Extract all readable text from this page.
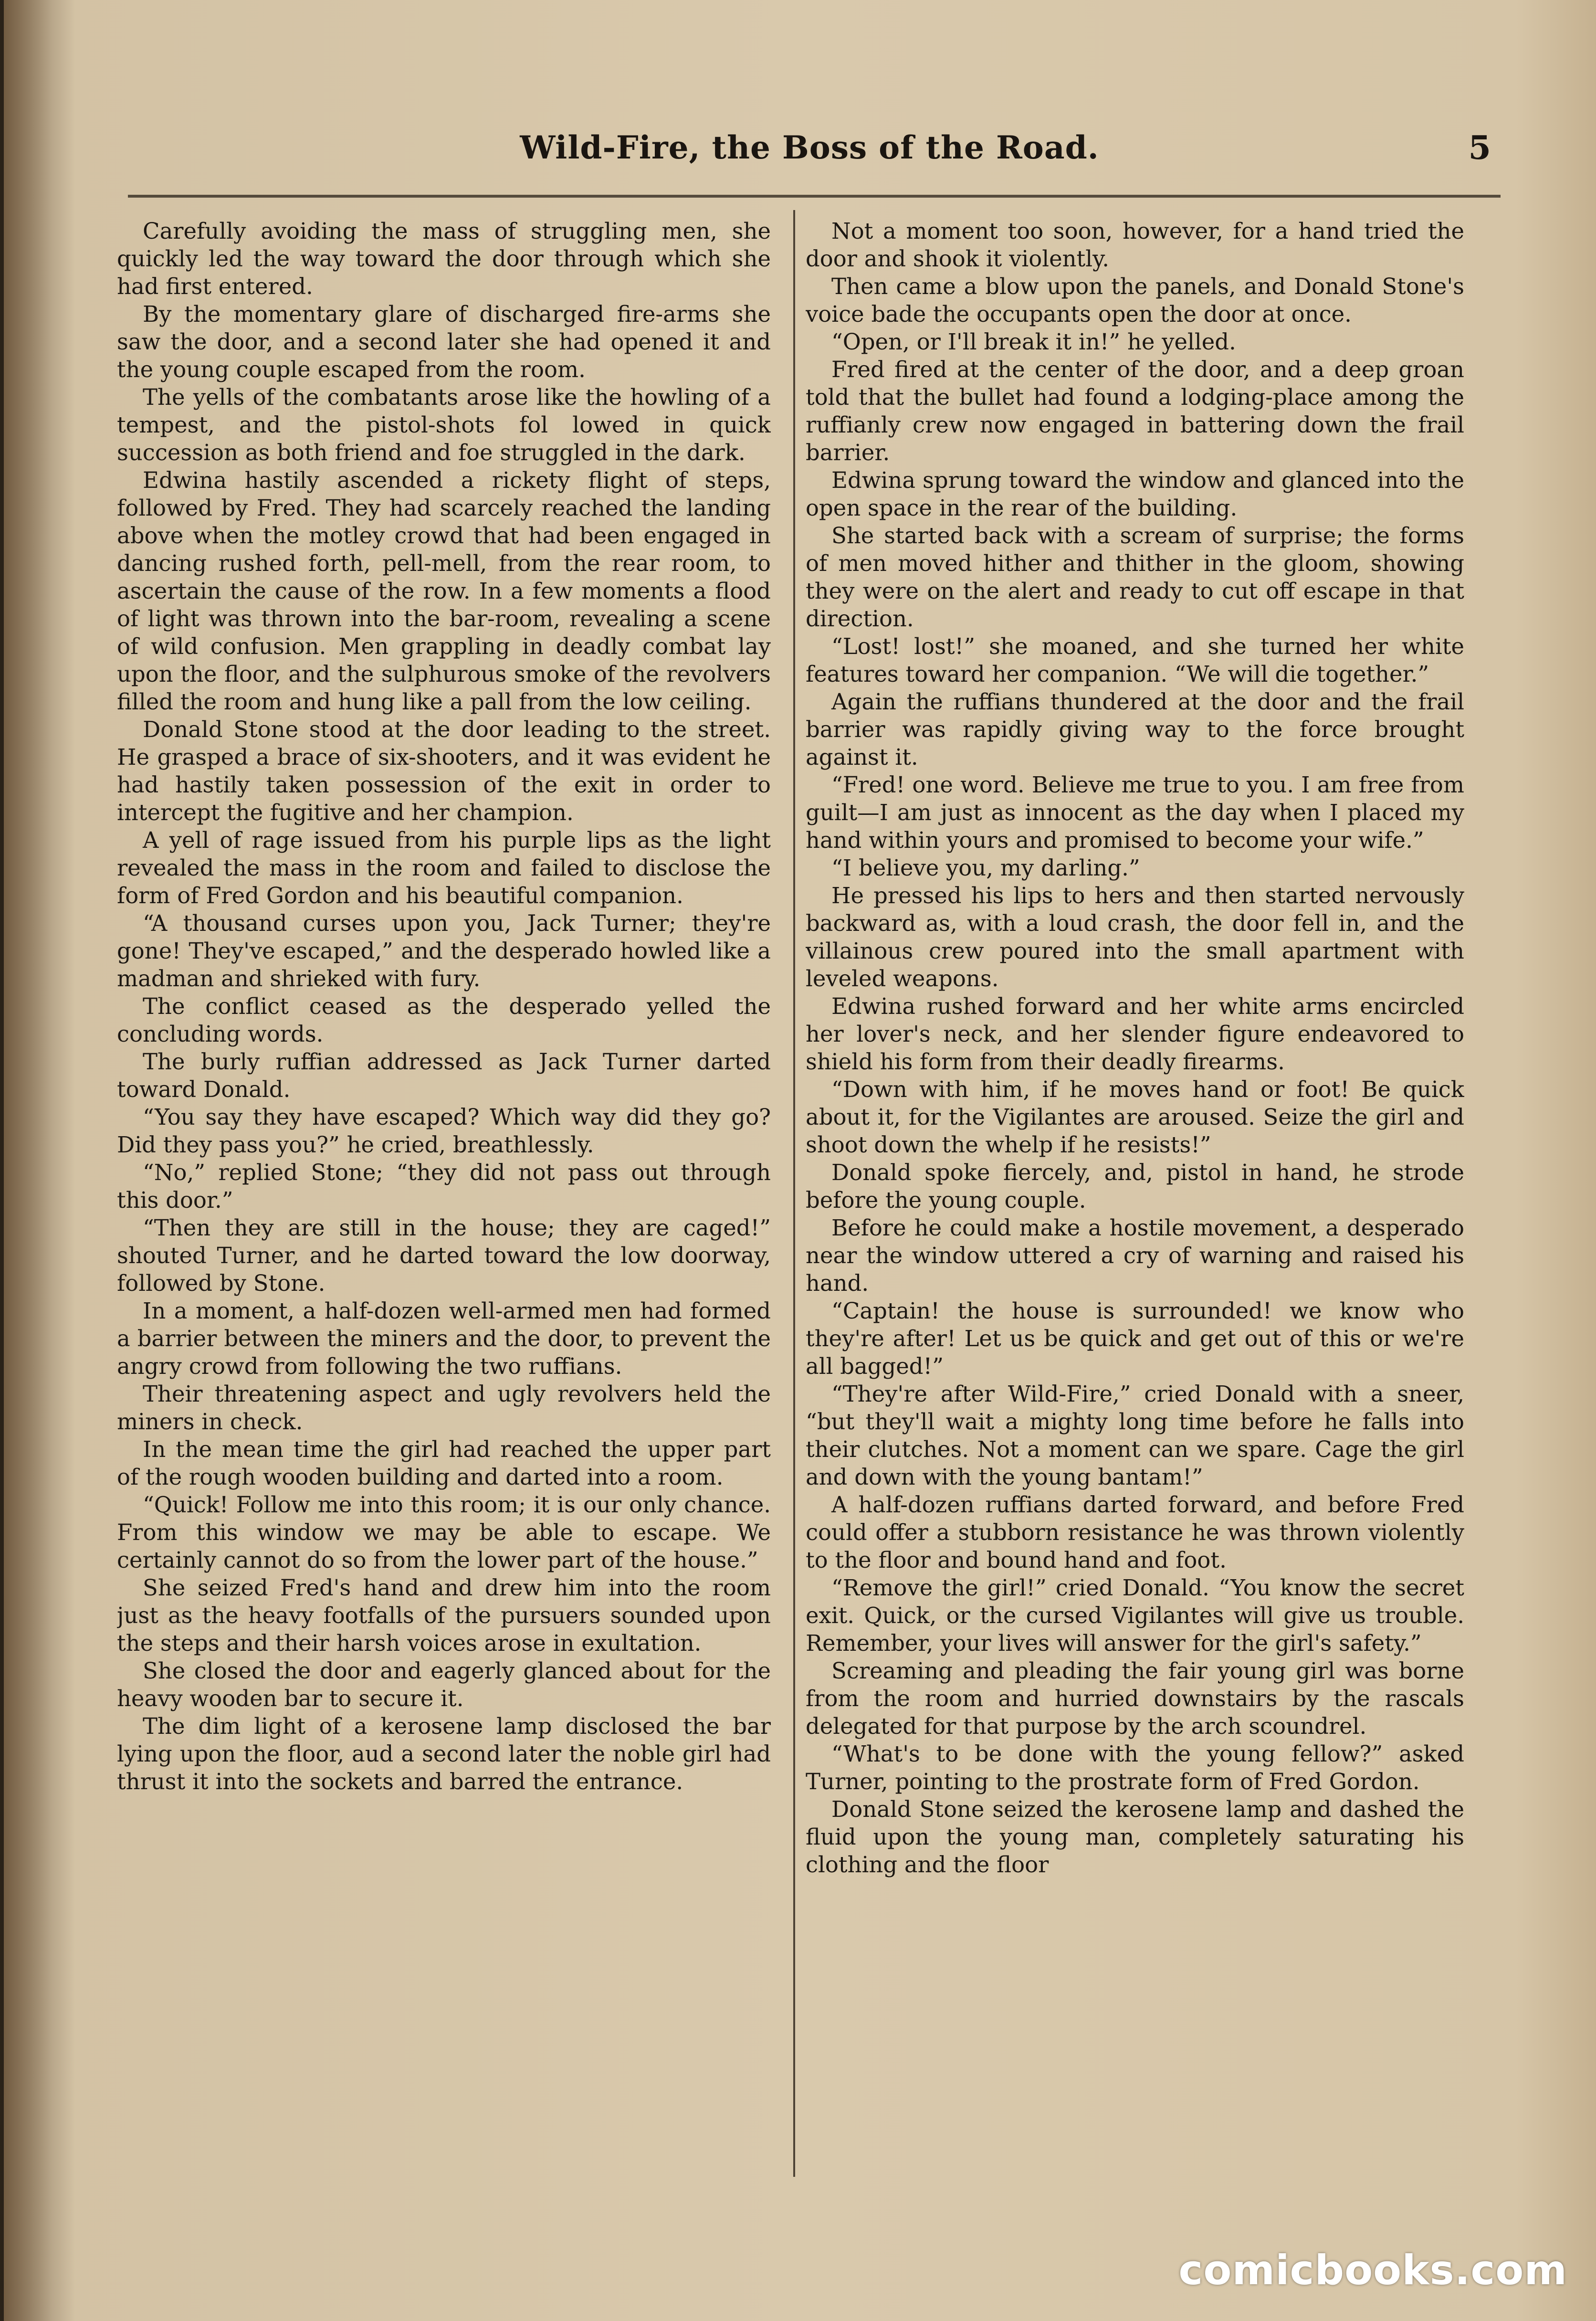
Wild-Fire, the Boss of the Road.	5

Carefully avoiding the mass of struggling men, she quickly led the way toward the door through which she had first entered.

By the momentary glare of discharged fire-arms she saw the door, and a second later she had opened it and the young couple escaped from the room.

The yells of the combatants arose like the howling of a tempest, and the pistol-shots fol lowed in quick succession as both friend and foe struggled in the dark.

Edwina hastily ascended a rickety flight of steps, followed by Fred. They had scarcely reached the landing above when the motley crowd that had been engaged in dancing rushed forth, pell-mell, from the rear room, to ascertain the cause of the row. In a few moments a flood of light was thrown into the bar-room, revealing a scene of wild confusion. Men grappling in deadly combat lay upon the floor, and the sulphurous smoke of the revolvers filled the room and hung like a pall from the low ceiling.

Donald Stone stood at the door leading to the street. He grasped a brace of six-shooters, and it was evident he had hastily taken possession of the exit in order to intercept the fugitive and her champion.

A yell of rage issued from his purple lips as the light revealed the mass in the room and failed to disclose the form of Fred Gordon and his beautiful companion.

“A thousand curses upon you, Jack Turner; they're gone! They've escaped,” and the desperado howled like a madman and shrieked with fury.

The conflict ceased as the desperado yelled the concluding words.

The burly ruffian addressed as Jack Turner darted toward Donald.

“You say they have escaped? Which way did they go? Did they pass you?” he cried, breathlessly.

“No,” replied Stone; “they did not pass out through this door.”

“Then they are still in the house; they are caged!” shouted Turner, and he darted toward the low doorway, followed by Stone.

In a moment, a half-dozen well-armed men had formed a barrier between the miners and the door, to prevent the angry crowd from following the two ruffians.

Their threatening aspect and ugly revolvers held the miners in check.

In the mean time the girl had reached the upper part of the rough wooden building and darted into a room.

“Quick! Follow me into this room; it is our only chance. From this window we may be able to escape. We certainly cannot do so from the lower part of the house.”

She seized Fred's hand and drew him into the room just as the heavy footfalls of the pursuers sounded upon the steps and their harsh voices arose in exultation.

She closed the door and eagerly glanced about for the heavy wooden bar to secure it.

The dim light of a kerosene lamp disclosed the bar lying upon the floor, aud a second later the noble girl had thrust it into the sockets and barred the entrance.

Not a moment too soon, however, for a hand tried the door and shook it violently.

Then came a blow upon the panels, and Donald Stone's voice bade the occupants open the door at once.

“Open, or I'll break it in!” he yelled.

Fred fired at the center of the door, and a deep groan told that the bullet had found a lodging-place among the ruffianly crew now engaged in battering down the frail barrier.

Edwina sprung toward the window and glanced into the open space in the rear of the building.

She started back with a scream of surprise; the forms of men moved hither and thither in the gloom, showing they were on the alert and ready to cut off escape in that direction.

“Lost! lost!” she moaned, and she turned her white features toward her companion. “We will die together.”

Again the ruffians thundered at the door and the frail barrier was rapidly giving way to the force brought against it.

“Fred! one word. Believe me true to you. I am free from guilt—I am just as innocent as the day when I placed my hand within yours and promised to become your wife.”

“I believe you, my darling.”

He pressed his lips to hers and then started nervously backward as, with a loud crash, the door fell in, and the villainous crew poured into the small apartment with leveled weapons.

Edwina rushed forward and her white arms encircled her lover's neck, and her slender figure endeavored to shield his form from their deadly firearms.

“Down with him, if he moves hand or foot! Be quick about it, for the Vigilantes are aroused. Seize the girl and shoot down the whelp if he resists!”

Donald spoke fiercely, and, pistol in hand, he strode before the young couple.

Before he could make a hostile movement, a desperado near the window uttered a cry of warning and raised his hand.

“Captain! the house is surrounded! we know who they're after! Let us be quick and get out of this or we're all bagged!”

“They're after Wild-Fire,” cried Donald with a sneer, “but they'll wait a mighty long time before he falls into their clutches. Not a moment can we spare. Cage the girl and down with the young bantam!”

A half-dozen ruffians darted forward, and before Fred could offer a stubborn resistance he was thrown violently to the floor and bound hand and foot.

“Remove the girl!” cried Donald. “You know the secret exit. Quick, or the cursed Vigilantes will give us trouble. Remember, your lives will answer for the girl's safety.”

Screaming and pleading the fair young girl was borne from the room and hurried downstairs by the rascals delegated for that purpose by the arch scoundrel.

“What's to be done with the young fellow?” asked Turner, pointing to the prostrate form of Fred Gordon.

Donald Stone seized the kerosene lamp and dashed the fluid upon the young man, completely saturating his clothing and the floor

comicbooks.com
